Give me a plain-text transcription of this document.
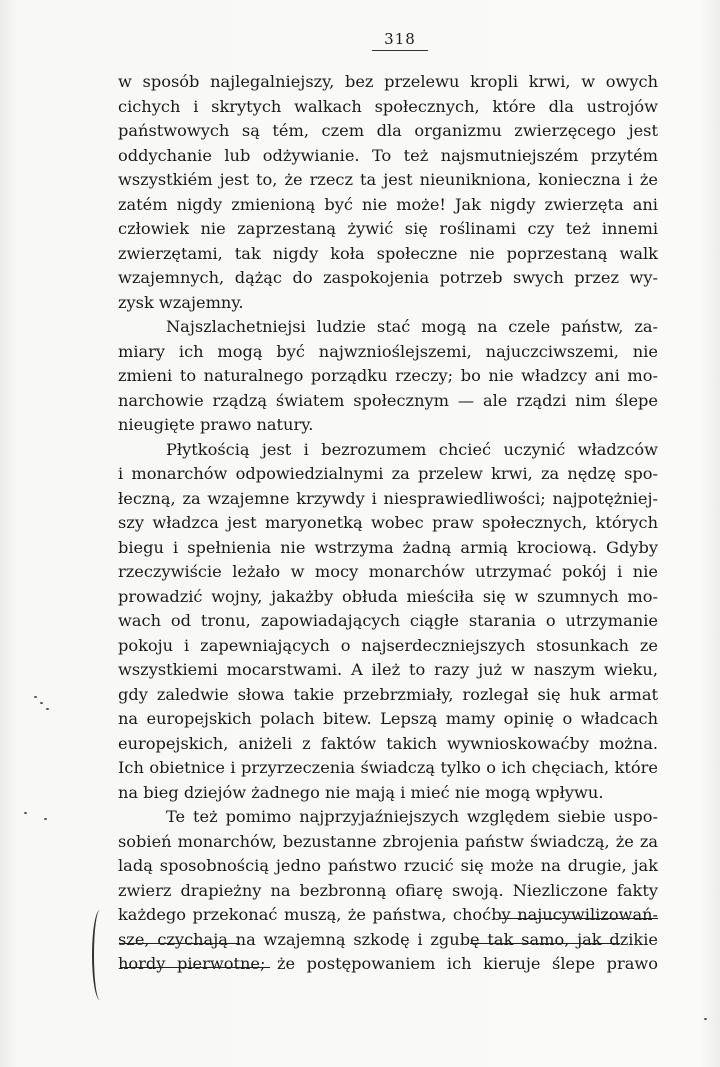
318
w sposób najlegalniejszy, bez przelewu kropli krwi, w owych
cichych i skrytych walkach społecznych, które dla ustrojów
państwowych są tém, czem dla organizmu zwierzęcego jest
oddychanie lub odżywianie. To też najsmutniejszém przytém
wszystkiém jest to, że rzecz ta jest nieunikniona, konieczna i że
zatém nigdy zmienioną być nie może! Jak nigdy zwierzęta ani
człowiek nie zaprzestaną żywić się roślinami czy też innemi
zwierzętami, tak nigdy koła społeczne nie poprzestaną walk
wzajemnych, dążąc do zaspokojenia potrzeb swych przez wy-
zysk wzajemny.
Najszlachetniejsi ludzie stać mogą na czele państw, za-
miary ich mogą być najwznioślejszemi, najuczciwszemi, nie
zmieni to naturalnego porządku rzeczy; bo nie władzcy ani mo-
narchowie rządzą światem społecznym — ale rządzi nim ślepe
nieugięte prawo natury.
Płytkością jest i bezrozumem chcieć uczynić władzców
i monarchów odpowiedzialnymi za przelew krwi, za nędzę spo-
łeczną, za wzajemne krzywdy i niesprawiedliwości; najpotężniej-
szy władzca jest maryonetką wobec praw społecznych, których
biegu i spełnienia nie wstrzyma żadną armią krociową. Gdyby
rzeczywiście leżało w mocy monarchów utrzymać pokój i nie
prowadzić wojny, jakażby obłuda mieściła się w szumnych mo-
wach od tronu, zapowiadających ciągłe starania o utrzymanie
pokoju i zapewniających o najserdeczniejszych stosunkach ze
wszystkiemi mocarstwami. A ileż to razy już w naszym wieku,
gdy zaledwie słowa takie przebrzmiały, rozlegał się huk armat
na europejskich polach bitew. Lepszą mamy opinię o władcach
europejskich, aniżeli z faktów takich wywnioskowaćby można.
Ich obietnice i przyrzeczenia świadczą tylko o ich chęciach, które
na bieg dziejów żadnego nie mają i mieć nie mogą wpływu.
Te też pomimo najprzyjaźniejszych względem siebie uspo-
sobień monarchów, bezustanne zbrojenia państw świadczą, że za
ladą sposobnością jedno państwo rzucić się może na drugie, jak
zwierz drapieżny na bezbronną ofiarę swoją. Niezliczone fakty
każdego przekonać muszą, że państwa, choćby najucywilizowań-
sze, czychają na wzajemną szkodę i zgubę tak samo, jak dzikie
hordy pierwotne; że postępowaniem ich kieruje ślepe prawo
